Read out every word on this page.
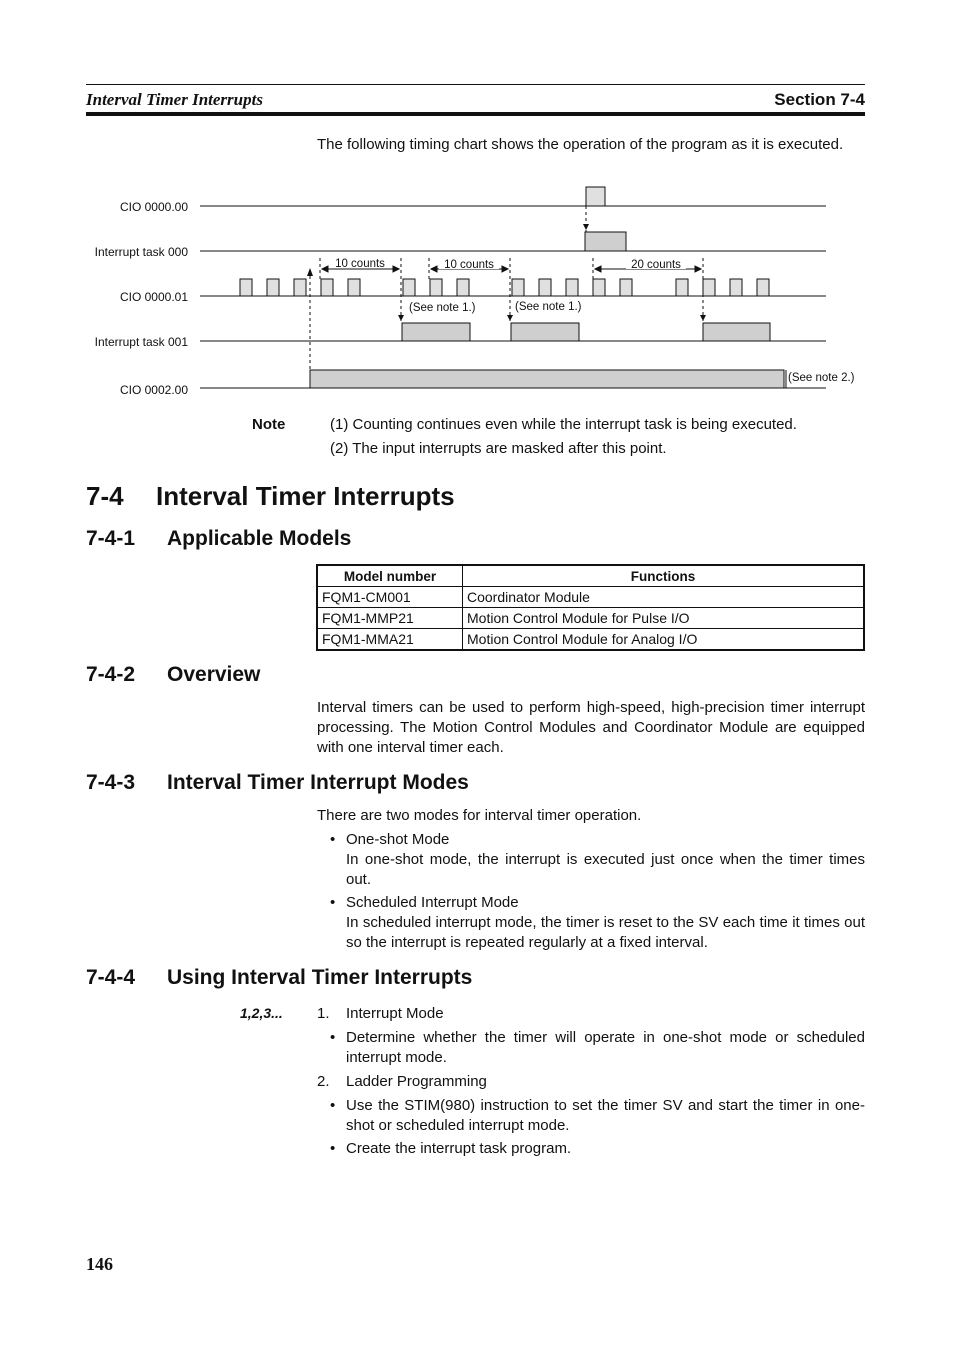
Interval Timer Interrupts	Section 7-4
The following timing chart shows the operation of the program as it is executed.
CIO 0000.00
Interrupt task 000
CIO 0000.01
Interrupt task 001
CIO 0002.00
10 counts	10 counts	20 counts
(See note 1.)	(See note 1.)
(See note 2.)
Note	(1) Counting continues even while the interrupt task is being executed.
(2) The input interrupts are masked after this point.
7-4 Interval Timer Interrupts
7-4-1 Applicable Models
Model number	Functions
FQM1-CM001	Coordinator Module
FQM1-MMP21	Motion Control Module for Pulse I/O
FQM1-MMA21	Motion Control Module for Analog I/O
7-4-2 Overview
Interval timers can be used to perform high-speed, high-precision timer interrupt processing. The Motion Control Modules and Coordinator Module are equipped with one interval timer each.
7-4-3 Interval Timer Interrupt Modes
There are two modes for interval timer operation.
• One-shot Mode
In one-shot mode, the interrupt is executed just once when the timer times out.
• Scheduled Interrupt Mode
In scheduled interrupt mode, the timer is reset to the SV each time it times out so the interrupt is repeated regularly at a fixed interval.
7-4-4 Using Interval Timer Interrupts
1,2,3... 1. Interrupt Mode
• Determine whether the timer will operate in one-shot mode or scheduled interrupt mode.
2. Ladder Programming
• Use the STIM(980) instruction to set the timer SV and start the timer in one-shot or scheduled interrupt mode.
• Create the interrupt task program.
146
